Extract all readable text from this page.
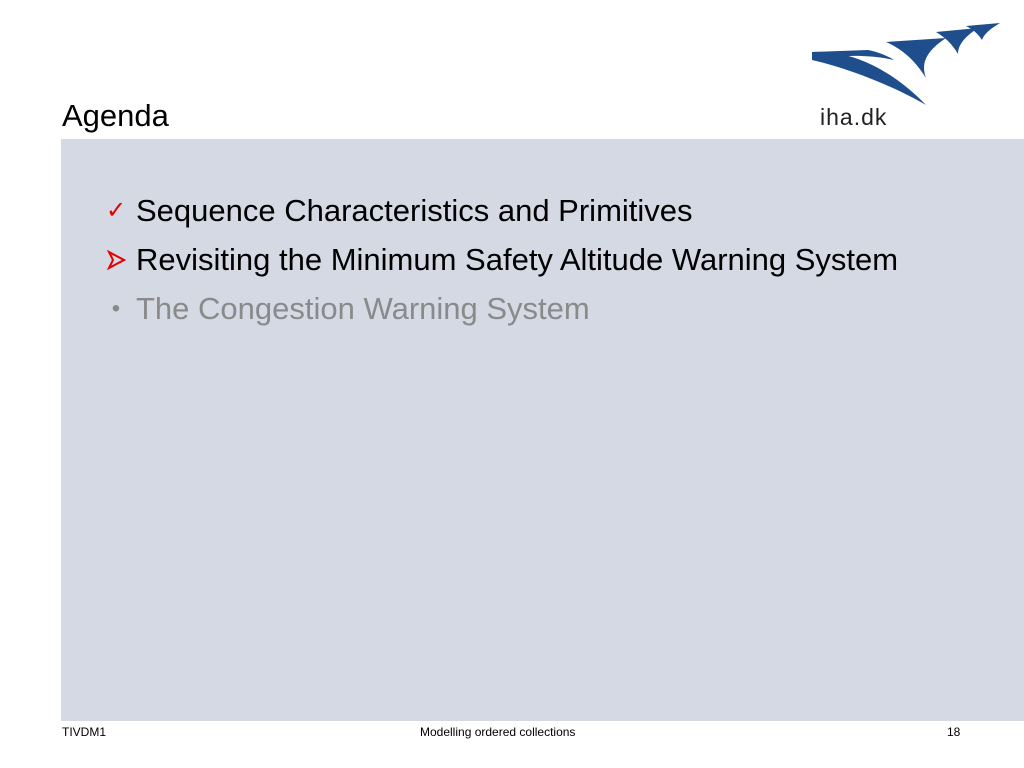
Agenda	iha.dk
✓ Sequence Characteristics and Primitives
Revisiting the Minimum Safety Altitude Warning System
• The Congestion Warning System
TIVDM1	Modelling ordered collections	18
